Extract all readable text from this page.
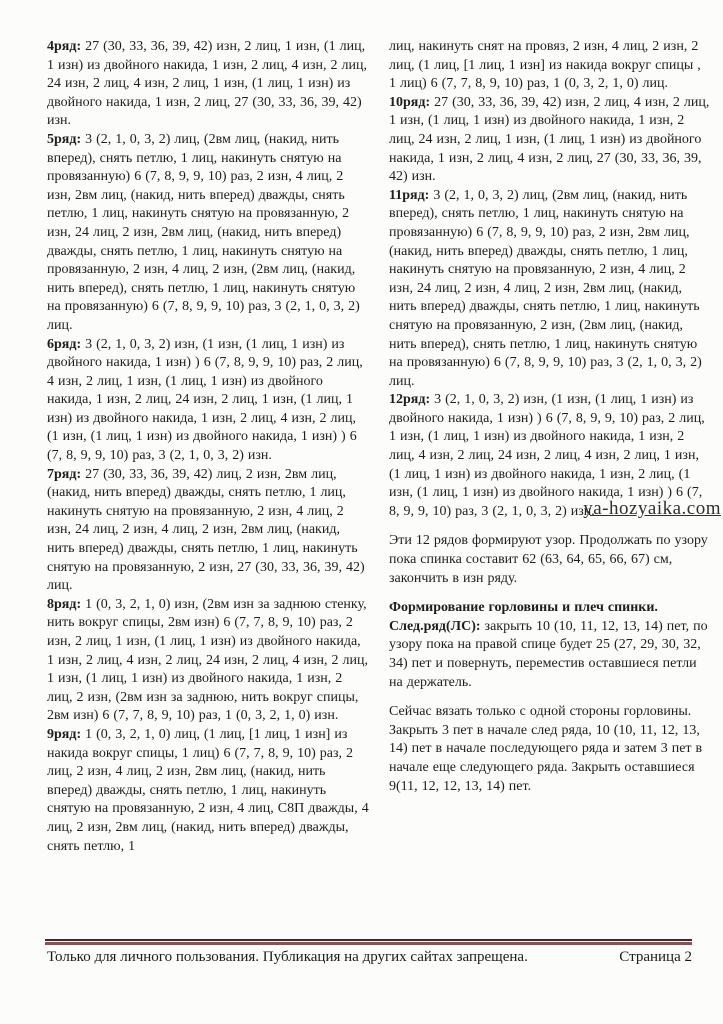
4ряд: 27 (30, 33, 36, 39, 42) изн, 2 лиц, 1 изн, (1 лиц, 1 изн) из двойного накида, 1 изн, 2 лиц, 4 изн, 2 лиц, 24 изн, 2 лиц, 4 изн, 2 лиц, 1 изн, (1 лиц, 1 изн) из двойного накида, 1 изн, 2 лиц, 27 (30, 33, 36, 39, 42) изн.

5ряд: 3 (2, 1, 0, 3, 2) лиц, (2вм лиц, (накид, нить вперед), снять петлю, 1 лиц, накинуть снятую на провязанную) 6 (7, 8, 9, 9, 10) раз, 2 изн, 4 лиц, 2 изн, 2вм лиц, (накид, нить вперед) дважды, снять петлю, 1 лиц, накинуть снятую на провязанную, 2 изн, 24 лиц, 2 изн, 2вм лиц, (накид, нить вперед) дважды, снять петлю, 1 лиц, накинуть снятую на провязанную, 2 изн, 4 лиц, 2 изн, (2вм лиц, (накид, нить вперед), снять петлю, 1 лиц, накинуть снятую на провязанную) 6 (7, 8, 9, 9, 10) раз, 3 (2, 1, 0, 3, 2) лиц.

6ряд: 3 (2, 1, 0, 3, 2) изн, (1 изн, (1 лиц, 1 изн) из двойного накида, 1 изн) ) 6 (7, 8, 9, 9, 10) раз, 2 лиц, 4 изн, 2 лиц, 1 изн, (1 лиц, 1 изн) из двойного накида, 1 изн, 2 лиц, 24 изн, 2 лиц, 1 изн, (1 лиц, 1 изн) из двойного накида, 1 изн, 2 лиц, 4 изн, 2 лиц, (1 изн, (1 лиц, 1 изн) из двойного накида, 1 изн) ) 6 (7, 8, 9, 9, 10) раз, 3 (2, 1, 0, 3, 2) изн.

7ряд: 27 (30, 33, 36, 39, 42) лиц, 2 изн, 2вм лиц, (накид, нить вперед) дважды, снять петлю, 1 лиц, накинуть снятую на провязанную, 2 изн, 4 лиц, 2 изн, 24 лиц, 2 изн, 4 лиц, 2 изн, 2вм лиц, (накид, нить вперед) дважды, снять петлю, 1 лиц, накинуть снятую на провязанную, 2 изн, 27 (30, 33, 36, 39, 42) лиц.

8ряд: 1 (0, 3, 2, 1, 0) изн, (2вм изн за заднюю стенку, нить вокруг спицы, 2вм изн) 6 (7, 7, 8, 9, 10) раз, 2 изн, 2 лиц, 1 изн, (1 лиц, 1 изн) из двойного накида, 1 изн, 2 лиц, 4 изн, 2 лиц, 24 изн, 2 лиц, 4 изн, 2 лиц, 1 изн, (1 лиц, 1 изн) из двойного накида, 1 изн, 2 лиц, 2 изн, (2вм изн за заднюю, нить вокруг спицы, 2вм изн) 6 (7, 7, 8, 9, 10) раз, 1 (0, 3, 2, 1, 0) изн.

9ряд: 1 (0, 3, 2, 1, 0) лиц, (1 лиц, [1 лиц, 1 изн] из накида вокруг спицы, 1 лиц) 6 (7, 7, 8, 9, 10) раз, 2 лиц, 2 изн, 4 лиц, 2 изн, 2вм лиц, (накид, нить вперед) дважды, снять петлю, 1 лиц, накинуть снятую на провязанную, 2 изн, 4 лиц, С8П дважды, 4 лиц, 2 изн, 2вм лиц, (накид, нить вперед) дважды, снять петлю, 1

лиц, накинуть снят на провяз, 2 изн, 4 лиц, 2 изн, 2 лиц, (1 лиц, [1 лиц, 1 изн] из накида вокруг спицы , 1 лиц) 6 (7, 7, 8, 9, 10) раз, 1 (0, 3, 2, 1, 0) лиц.

10ряд: 27 (30, 33, 36, 39, 42) изн, 2 лиц, 4 изн, 2 лиц, 1 изн, (1 лиц, 1 изн) из двойного накида, 1 изн, 2 лиц, 24 изн, 2 лиц, 1 изн, (1 лиц, 1 изн) из двойного накида, 1 изн, 2 лиц, 4 изн, 2 лиц, 27 (30, 33, 36, 39, 42) изн.

11ряд: 3 (2, 1, 0, 3, 2) лиц, (2вм лиц, (накид, нить вперед), снять петлю, 1 лиц, накинуть снятую на провязанную) 6 (7, 8, 9, 9, 10) раз, 2 изн, 2вм лиц, (накид, нить вперед) дважды, снять петлю, 1 лиц, накинуть снятую на провязанную, 2 изн, 4 лиц, 2 изн, 24 лиц, 2 изн, 4 лиц, 2 изн, 2вм лиц, (накид, нить вперед) дважды, снять петлю, 1 лиц, накинуть снятую на провязанную, 2 изн, (2вм лиц, (накид, нить вперед), снять петлю, 1 лиц, накинуть снятую на провязанную) 6 (7, 8, 9, 9, 10) раз, 3 (2, 1, 0, 3, 2) лиц.

12ряд: 3 (2, 1, 0, 3, 2) изн, (1 изн, (1 лиц, 1 изн) из двойного накида, 1 изн) ) 6 (7, 8, 9, 9, 10) раз, 2 лиц, 1 изн, (1 лиц, 1 изн) из двойного накида, 1 изн, 2 лиц, 4 изн, 2 лиц, 24 изн, 2 лиц, 4 изн, 2 лиц, 1 изн, (1 лиц, 1 изн) из двойного накида, 1 изн, 2 лиц, (1 изн, (1 лиц, 1 изн) из двойного накида, 1 изн) ) 6 (7, 8, 9, 9, 10) раз, 3 (2, 1, 0, 3, 2) изн.

Эти 12 рядов формируют узор. Продолжать по узору пока спинка составит 62 (63, 64, 65, 66, 67) см, закончить в изн ряду.

Формирование горловины и плеч спинки.

След.ряд(ЛС): закрыть 10 (10, 11, 12, 13, 14) пет, по узору пока на правой спице будет 25 (27, 29, 30, 32, 34) пет и повернуть, переместив оставшиеся петли на держатель.

Сейчас вязать только с одной стороны горловины. Закрыть 3 пет в начале след ряда, 10 (10, 11, 12, 13, 14) пет в начале последующего ряда и затем 3 пет в начале еще следующего ряда. Закрыть оставшиеся 9(11, 12, 12, 13, 14) пет.

ya-hozyaika.com
Только для личного пользования. Публикация на других сайтах запрещена.	Страница 2
